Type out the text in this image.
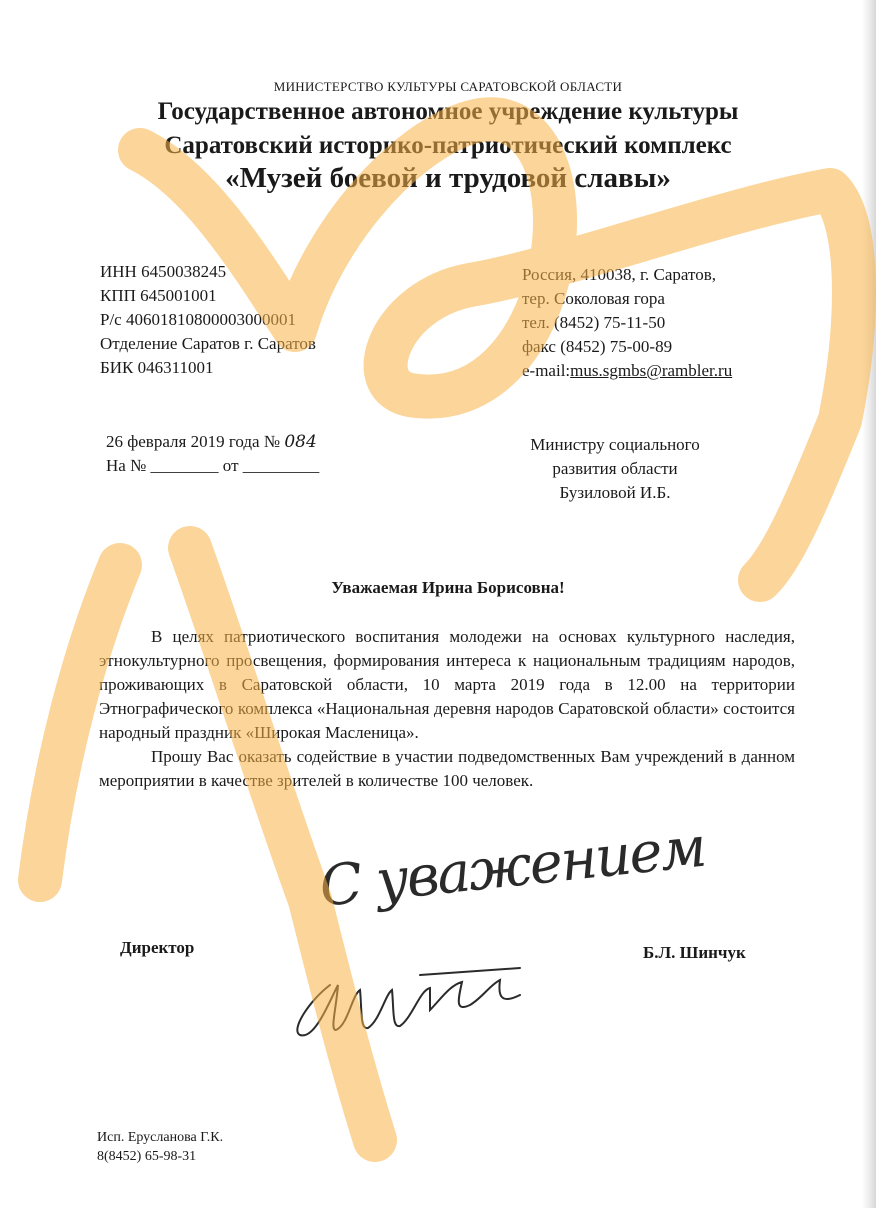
МИНИСТЕРСТВО КУЛЬТУРЫ САРАТОВСКОЙ ОБЛАСТИ
Государственное автономное учреждение культуры
Саратовский историко-патриотический комплекс
«Музей боевой и трудовой славы»
ИНН 6450038245
КПП 645001001
Р/с 40601810800003000001
Отделение Саратов г. Саратов
БИК 046311001
Россия, 410038, г. Саратов,
тер. Соколовая гора
тел. (8452) 75-11-50
факс (8452) 75-00-89
e-mail:mus.sgmbs@rambler.ru
26 февраля 2019 года № 084
На № ________ от _________
Министру социального
развития области
Бузиловой И.Б.
Уважаемая Ирина Борисовна!

В целях патриотического воспитания молодежи на основах культурного наследия, этнокультурного просвещения, формирования интереса к национальным традициям народов, проживающих в Саратовской области, 10 марта 2019 года в 12.00 на территории Этнографического комплекса «Национальная деревня народов Саратовской области» состоится народный праздник «Широкая Масленица».

Прошу Вас оказать содействие в участии подведомственных Вам учреждений в данном мероприятии в качестве зрителей в количестве 100 человек.

С уважением
Директор	Б.Л. Шинчук
Исп. Ерусланова Г.К.
8(8452) 65-98-31
